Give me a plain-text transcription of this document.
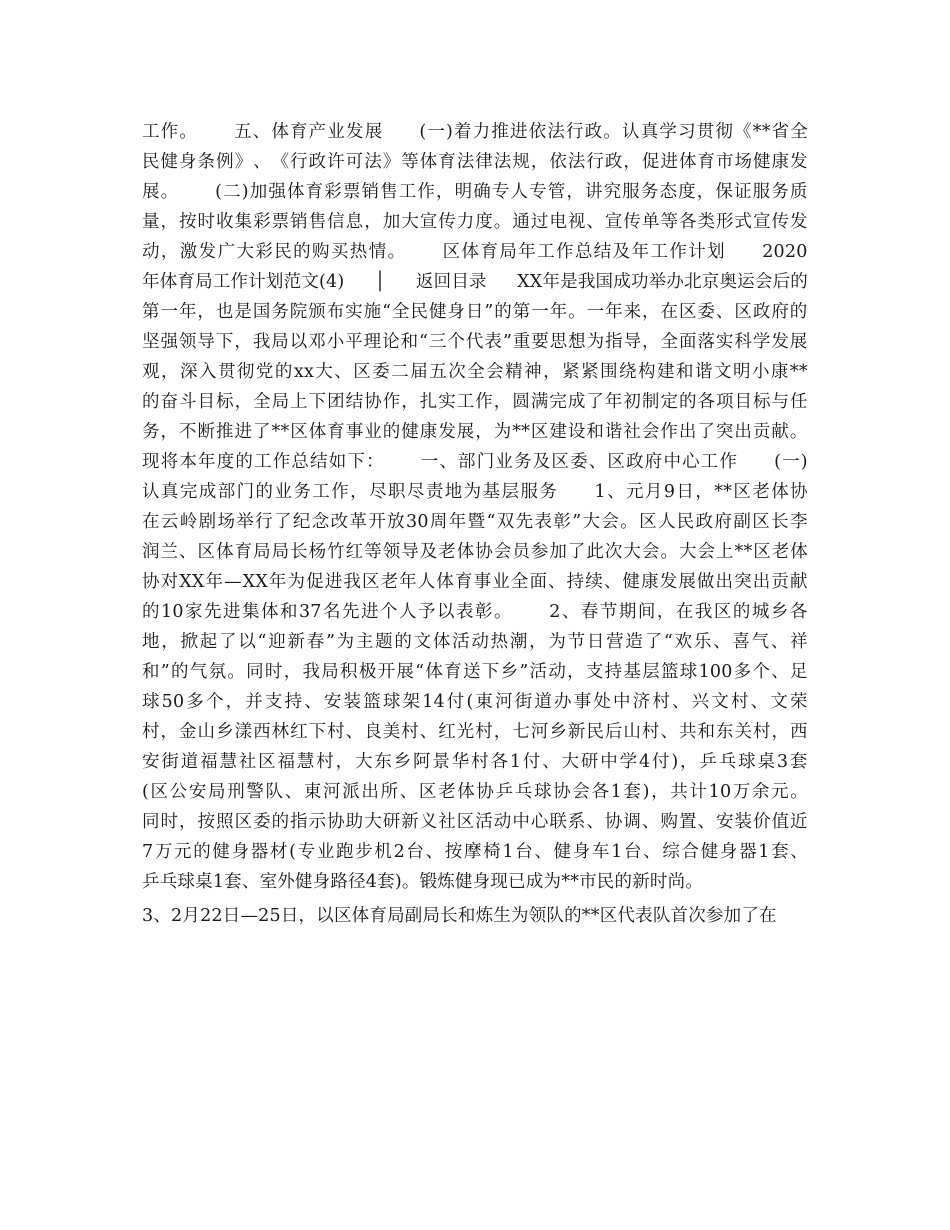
工 作 。 五 、 体 育 产 业 发 展 ( 一 ) 着 力 推 进 依 法 行 政 。 认 真 学 习 贯 彻 《 ** 省 全
民 健 身 条 例 》 、 《 行 政 许 可 法 》 等 体 育 法 律 法 规 ， 依 法 行 政 ， 促 进 体 育 市 场 健 康 发
展 。 ( 二 ) 加 强 体 育 彩 票 销 售 工 作 ， 明 确 专 人 专 管 ， 讲 究 服 务 态 度 ， 保 证 服 务 质
量 ， 按 时 收 集 彩 票 销 售 信 息 ， 加 大 宣 传 力 度 。 通 过 电 视 、 宣 传 单 等 各 类 形 式 宣 传 发
动 ， 激 发 广 大 彩 民 的 购 买 热 情 。 区 体 育 局 年 工 作 总 结 及 年 工 作 计 划 2020
年 体 育 局 工 作 计 划 范 文 (4) │ 返 回 目 录 XX 年 是 我 国 成 功 举 办 北 京 奥 运 会 后 的
第 一 年 ， 也 是 国 务 院 颁 布 实 施 “ 全 民 健 身 日 ” 的 第 一 年 。 一 年 来 ， 在 区 委 、 区 政 府 的
坚 强 领 导 下 ， 我 局 以 邓 小 平 理 论 和 “ 三 个 代 表 ” 重 要 思 想 为 指 导 ， 全 面 落 实 科 学 发 展
观 ， 深 入 贯 彻 党 的 xx 大 、 区 委 二 届 五 次 全 会 精 神 ， 紧 紧 围 绕 构 建 和 谐 文 明 小 康 **
的 奋 斗 目 标 ， 全 局 上 下 团 结 协 作 ， 扎 实 工 作 ， 圆 满 完 成 了 年 初 制 定 的 各 项 目 标 与 任
务 ， 不 断 推 进 了 ** 区 体 育 事 业 的 健 康 发 展 ， 为 ** 区 建 设 和 谐 社 会 作 出 了 突 出 贡 献 。
现 将 本 年 度 的 工 作 总 结 如 下 ： 一 、 部 门 业 务 及 区 委 、 区 政 府 中 心 工 作 ( 一 )
认 真 完 成 部 门 的 业 务 工 作 ， 尽 职 尽 责 地 为 基 层 服 务 1 、 元 月 9 日 ， ** 区 老 体 协
在 云 岭 剧 场 举 行 了 纪 念 改 革 开 放 30 周 年 暨 “ 双 先 表 彰 ” 大 会 。 区 人 民 政 府 副 区 长 李
润 兰 、 区 体 育 局 局 长 杨 竹 红 等 领 导 及 老 体 协 会 员 参 加 了 此 次 大 会 。 大 会 上 ** 区 老 体
协 对 XX 年 — XX 年 为 促 进 我 区 老 年 人 体 育 事 业 全 面 、 持 续 、 健 康 发 展 做 出 突 出 贡 献
的 10 家 先 进 集 体 和 37 名 先 进 个 人 予 以 表 彰 。 2 、 春 节 期 间 ， 在 我 区 的 城 乡 各
地 ， 掀 起 了 以 “ 迎 新 春 ” 为 主 题 的 文 体 活 动 热 潮 ， 为 节 日 营 造 了 “ 欢 乐 、 喜 气 、 祥
和 ” 的 气 氛 。 同 时 ， 我 局 积 极 开 展 “ 体 育 送 下 乡 ” 活 动 ， 支 持 基 层 篮 球 100 多 个 、 足
球 50 多 个 ， 并 支 持 、 安 装 篮 球 架 14 付 ( 東 河 街 道 办 事 处 中 济 村 、 兴 文 村 、 文 荣
村 ， 金 山 乡 漾 西 林 红 下 村 、 良 美 村 、 红 光 村 ， 七 河 乡 新 民 后 山 村 、 共 和 东 关 村 ， 西
安 街 道 福 慧 社 区 福 慧 村 ， 大 东 乡 阿 景 华 村 各 1 付 、 大 研 中 学 4 付 ) ， 乒 乓 球 桌 3 套
( 区 公 安 局 刑 警 队 、 東 河 派 出 所 、 区 老 体 协 乒 乓 球 协 会 各 1 套 ) ， 共 计 10 万 余 元 。
同 时 ， 按 照 区 委 的 指 示 协 助 大 研 新 义 社 区 活 动 中 心 联 系 、 协 调 、 购 置 、 安 装 价 值 近
7 万 元 的 健 身 器 材 ( 专 业 跑 步 机 2 台 、 按 摩 椅 1 台 、 健 身 车 1 台 、 综 合 健 身 器 1 套 、
乒 乓 球 桌 1 套 、 室 外 健 身 路 径 4 套 ) 。 锻 炼 健 身 现 已 成 为 ** 市 民 的 新 时 尚 。
3 、 2 月 22 日 — 25 日 ， 以 区 体 育 局 副 局 长 和 炼 生 为 领 队 的 ** 区 代 表 队 首 次 参 加 了 在
